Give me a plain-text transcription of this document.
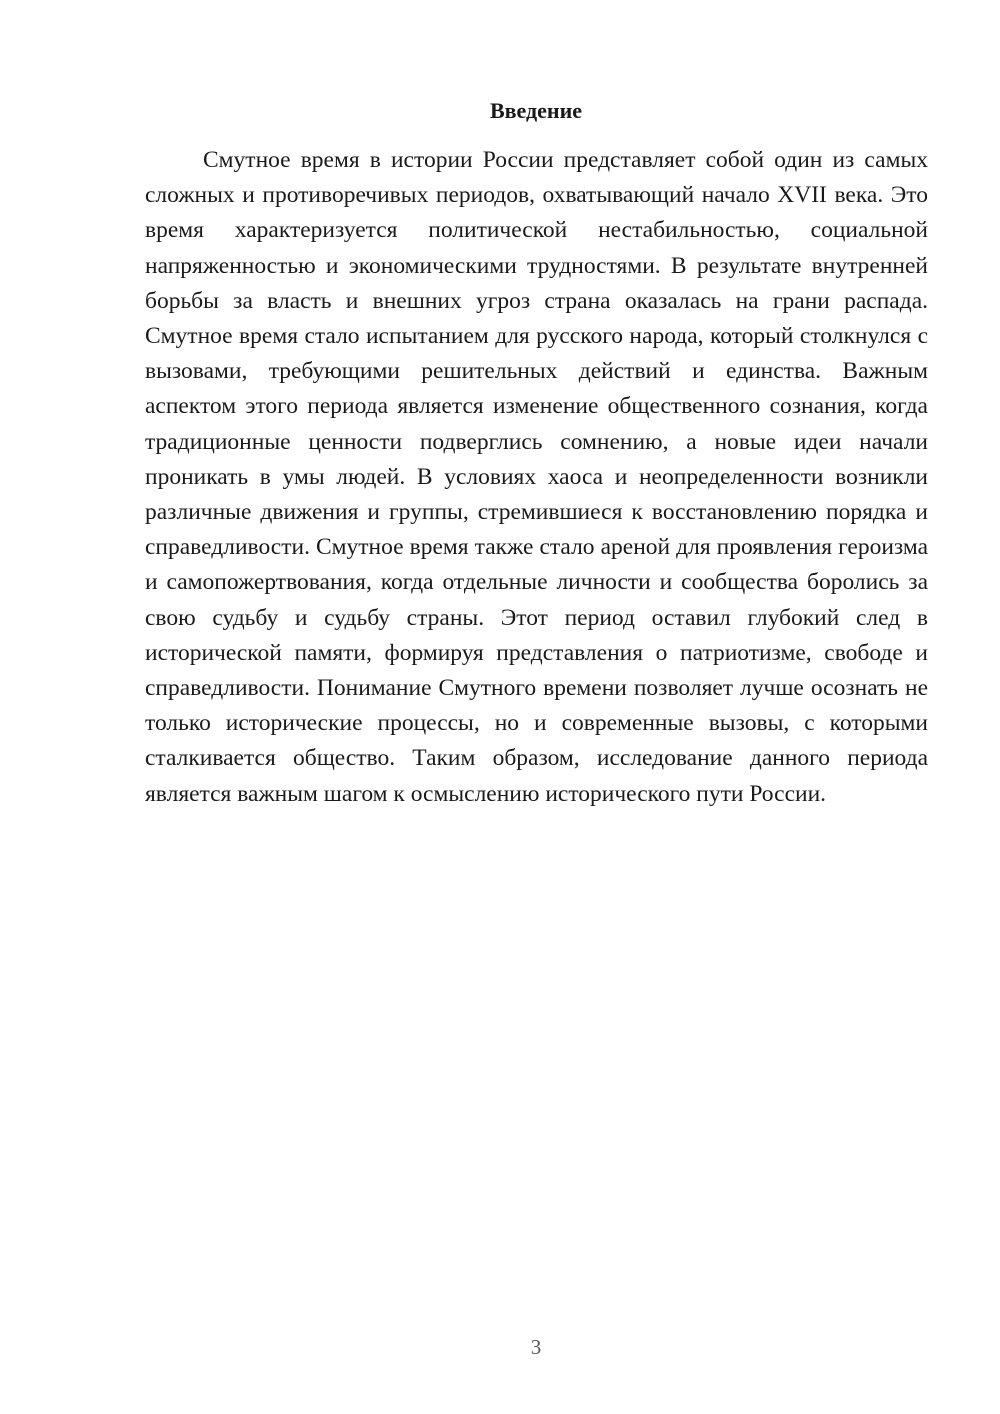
Введение

Смутное время в истории России представляет собой один из самых сложных и противоречивых периодов, охватывающий начало XVII века. Это время характеризуется политической нестабильностью, социальной напряженностью и экономическими трудностями. В результате внутренней борьбы за власть и внешних угроз страна оказалась на грани распада. Смутное время стало испытанием для русского народа, который столкнулся с вызовами, требующими решительных действий и единства. Важным аспектом этого периода является изменение общественного сознания, когда традиционные ценности подверглись сомнению, а новые идеи начали проникать в умы людей. В условиях хаоса и неопределенности возникли различные движения и группы, стремившиеся к восстановлению порядка и справедливости. Смутное время также стало ареной для проявления героизма и самопожертвования, когда отдельные личности и сообщества боролись за свою судьбу и судьбу страны. Этот период оставил глубокий след в исторической памяти, формируя представления о патриотизме, свободе и справедливости. Понимание Смутного времени позволяет лучше осознать не только исторические процессы, но и современные вызовы, с которыми сталкивается общество. Таким образом, исследование данного периода является важным шагом к осмыслению исторического пути России.

3
